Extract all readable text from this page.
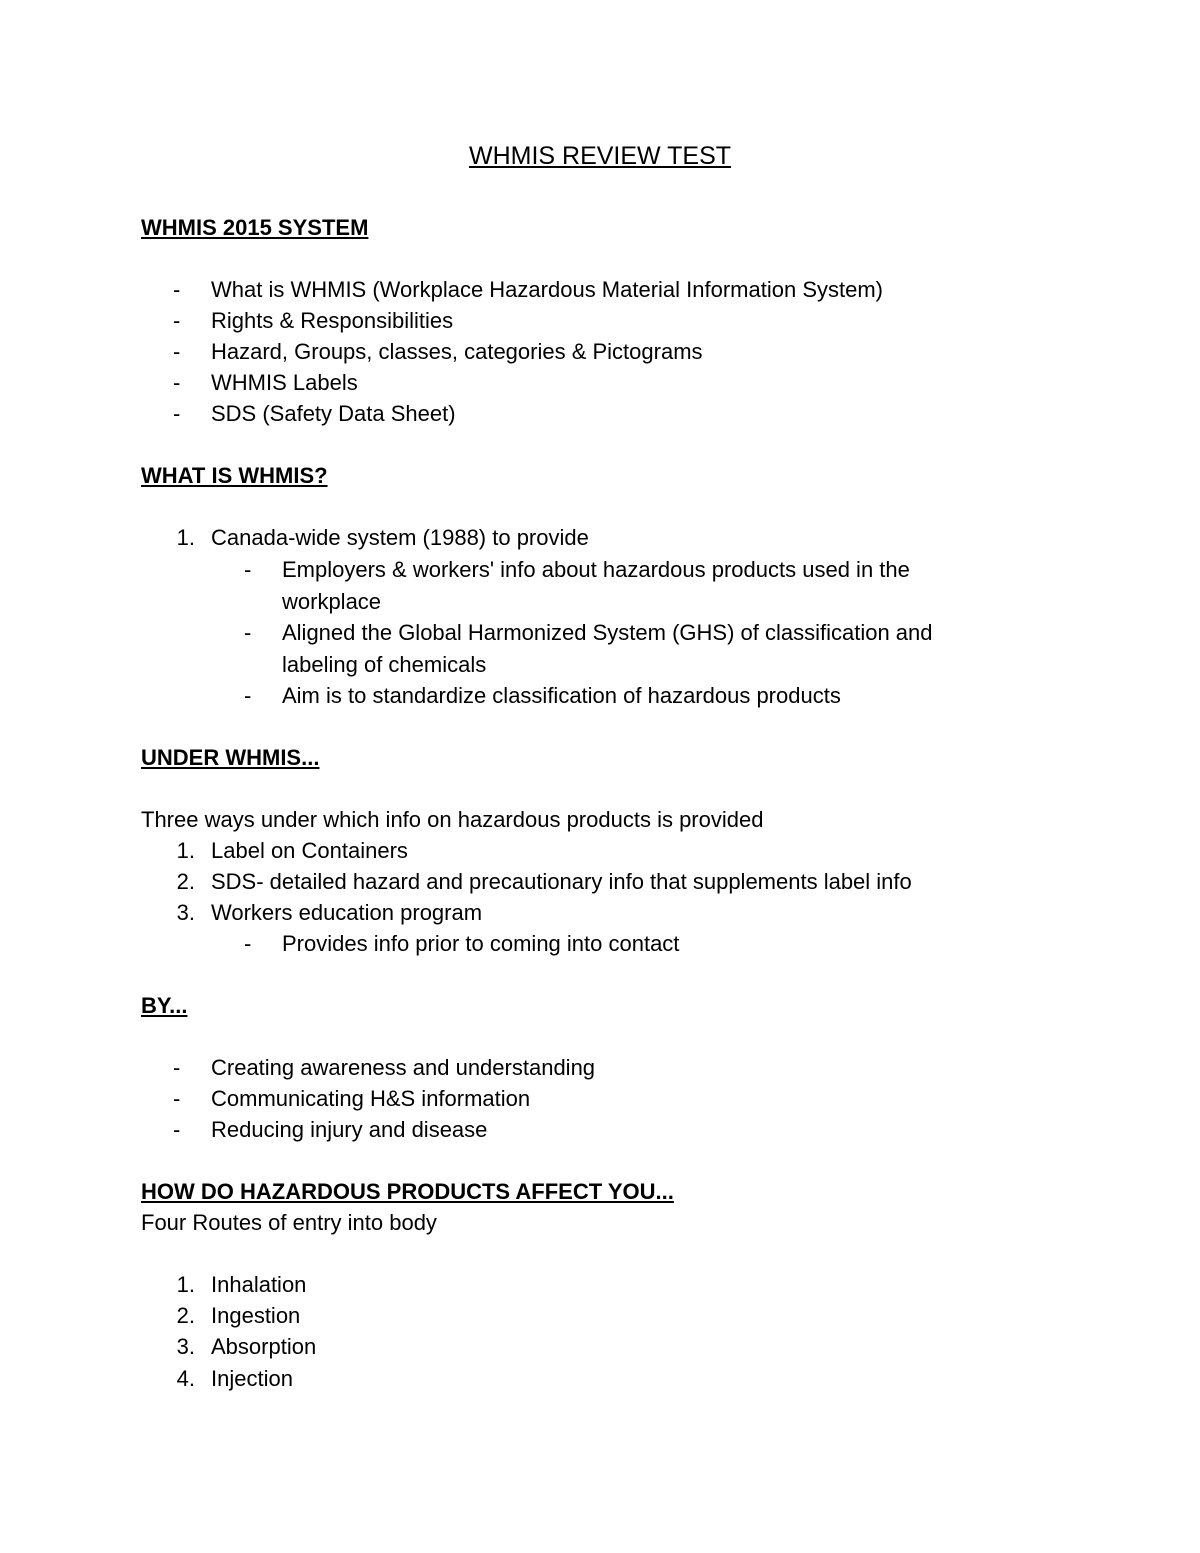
WHMIS REVIEW TEST
WHMIS 2015 SYSTEM
- What is WHMIS (Workplace Hazardous Material Information System)
- Rights & Responsibilities
- Hazard, Groups, classes, categories & Pictograms
- WHMIS Labels
- SDS (Safety Data Sheet)
WHAT IS WHMIS?
1. Canada-wide system (1988) to provide
- Employers & workers' info about hazardous products used in the
workplace
- Aligned the Global Harmonized System (GHS) of classification and
labeling of chemicals
- Aim is to standardize classification of hazardous products
UNDER WHMIS...
Three ways under which info on hazardous products is provided
1. Label on Containers
2. SDS- detailed hazard and precautionary info that supplements label info
3. Workers education program
- Provides info prior to coming into contact
BY...
- Creating awareness and understanding
- Communicating H&S information
- Reducing injury and disease
HOW DO HAZARDOUS PRODUCTS AFFECT YOU...
Four Routes of entry into body
1. Inhalation
2. Ingestion
3. Absorption
4. Injection
